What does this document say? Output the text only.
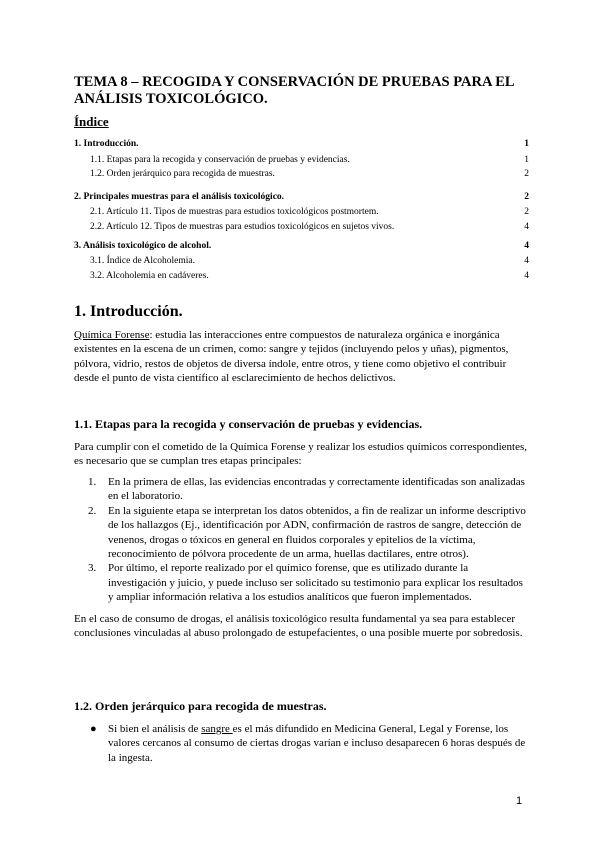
TEMA 8 – RECOGIDA Y CONSERVACIÓN DE PRUEBAS PARA EL ANÁLISIS TOXICOLÓGICO.
Índice
1. Introducción.	1
1.1. Etapas para la recogida y conservación de pruebas y evidencias.	1
1.2. Orden jerárquico para recogida de muestras.	2
2. Principales muestras para el análisis toxicológico.	2
2.1. Artículo 11. Tipos de muestras para estudios toxicológicos postmortem.	2
2.2. Artículo 12. Tipos de muestras para estudios toxicológicos en sujetos vivos.	4
3. Análisis toxicológico de alcohol.	4
3.1. Índice de Alcoholemia.	4
3.2. Alcoholemia en cadáveres.	4
1. Introducción.

Química Forense: estudia las interacciones entre compuestos de naturaleza orgánica e inorgánica existentes en la escena de un crimen, como: sangre y tejidos (incluyendo pelos y uñas), pigmentos, pólvora, vidrio, restos de objetos de diversa índole, entre otros, y tiene como objetivo el contribuir desde el punto de vista científico al esclarecimiento de hechos delictivos.

1.1. Etapas para la recogida y conservación de pruebas y evidencias.

Para cumplir con el cometido de la Química Forense y realizar los estudios químicos correspondientes, es necesario que se cumplan tres etapas principales:

1. En la primera de ellas, las evidencias encontradas y correctamente identificadas son analizadas en el laboratorio.
2. En la siguiente etapa se interpretan los datos obtenidos, a fin de realizar un informe descriptivo de los hallazgos (Ej., identificación por ADN, confirmación de rastros de sangre, detección de venenos, drogas o tóxicos en general en fluidos corporales y epitelios de la víctima, reconocimiento de pólvora procedente de un arma, huellas dactilares, entre otros).
3. Por último, el reporte realizado por el químico forense, que es utilizado durante la investigación y juicio, y puede incluso ser solicitado su testimonio para explicar los resultados y ampliar información relativa a los estudios analíticos que fueron implementados.

En el caso de consumo de drogas, el análisis toxicológico resulta fundamental ya sea para establecer conclusiones vinculadas al abuso prolongado de estupefacientes, o una posible muerte por sobredosis.

1.2. Orden jerárquico para recogida de muestras.
● Si bien el análisis de sangre es el más difundido en Medicina General, Legal y Forense, los valores cercanos al consumo de ciertas drogas varían e incluso desaparecen 6 horas después de la ingesta.
1
